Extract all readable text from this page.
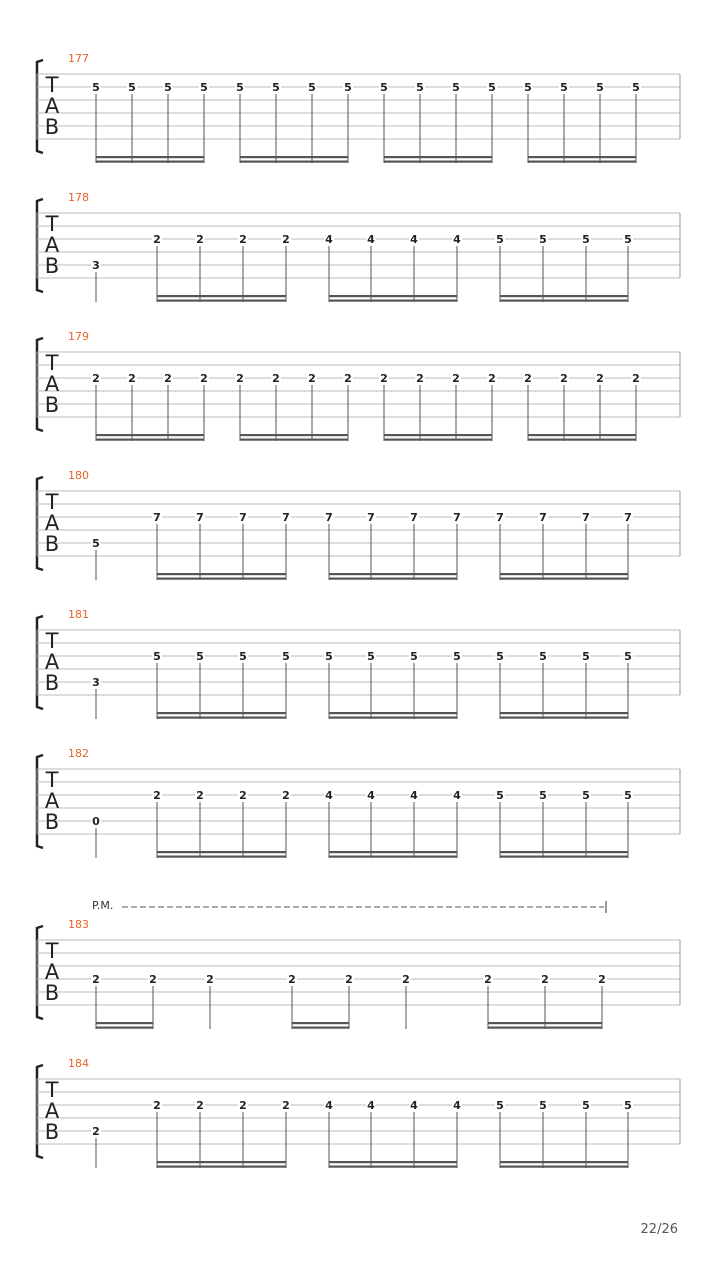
177
T
A
B
5	5	5	5	5	5	5	5	5	5	5	5	5	5	5	5
178
T
A
B	3
2	2	2	2	4	4	4	4	5	5	5	5
179
T
A
B
2	2	2	2	2	2	2	2	2	2	2	2	2	2	2	2
180
T
A
B	5
7	7	7	7	7	7	7	7	7	7	7	7
181
T
A
B	3
5	5	5	5	5	5	5	5	5	5	5	5
182
T
A
B	0
2	2	2	2	4	4	4	4	5	5	5	5
183
T
A
B
P.M.
2	2	2	2	2	2	2	2	2
184
T
A
B	2
2	2	2	2	4	4	4	4	5	5	5	5
22/26
